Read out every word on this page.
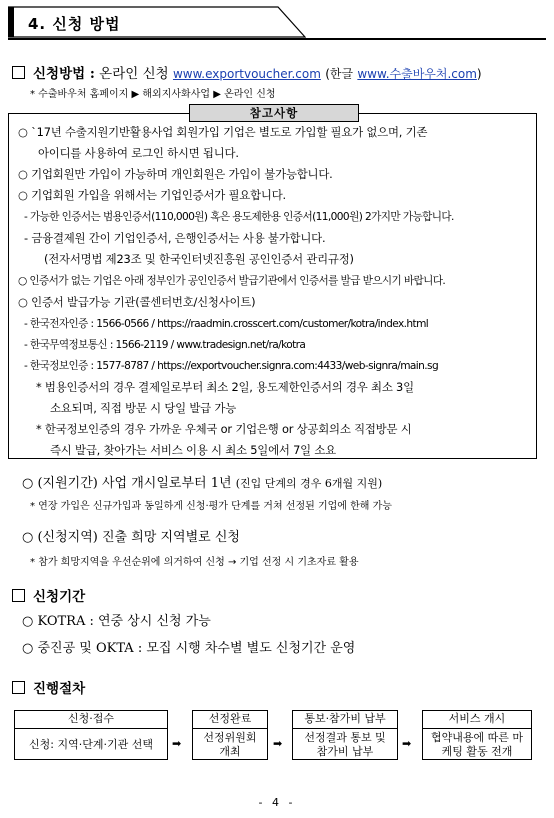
4. 신청 방법
신청방법 : 온라인 신청 www.exportvoucher.com (한글 www.수출바우처.com)
* 수출바우처 홈페이지 ▶ 해외지사화사업 ▶ 온라인 신청
참고사항
○ `17년 수출지원기반활용사업 회원가입 기업은 별도로 가입할 필요가 없으며, 기존
아이디를 사용하여 로그인 하시면 됩니다.
○ 기업회원만 가입이 가능하며 개인회원은 가입이 불가능합니다.
○ 기업회원 가입을 위해서는 기업인증서가 필요합니다.
- 가능한 인증서는 범용인증서(110,000원) 혹은 용도제한용 인증서(11,000원) 2가지만 가능합니다.
- 금융결제원 간이 기업인증서, 은행인증서는 사용 불가합니다.
(전자서명법 제23조 및 한국인터넷진흥원 공인인증서 관리규정)
○ 인증서가 없는 기업은 아래 정부인가 공인인증서 발급기관에서 인증서를 발급 받으시기 바랍니다.
○ 인증서 발급가능 기관(콜센터번호/신청사이트)
- 한국전자인증 : 1566-0566 / https://raadmin.crosscert.com/customer/kotra/index.html
- 한국무역정보통신 : 1566-2119 / www.tradesign.net/ra/kotra
- 한국정보인증 : 1577-8787 / https://exportvoucher.signra.com:4433/web-signra/main.sg
* 범용인증서의 경우 결제일로부터 최소 2일, 용도제한인증서의 경우 최소 3일
소요되며, 직접 방문 시 당일 발급 가능
* 한국정보인증의 경우 가까운 우체국 or 기업은행 or 상공회의소 직접방문 시
즉시 발급, 찾아가는 서비스 이용 시 최소 5일에서 7일 소요
○ (지원기간) 사업 개시일로부터 1년 (진입 단계의 경우 6개월 지원)
* 연장 가입은 신규가입과 동일하게 신청·평가 단계를 거쳐 선정된 기업에 한해 가능
○ (신청지역) 진출 희망 지역별로 신청
* 참가 희망지역을 우선순위에 의거하여 신청 → 기업 선정 시 기초자료 활용
신청기간
○ KOTRA : 연중 상시 신청 가능
○ 중진공 및 OKTA : 모집 시행 차수별 별도 신청기간 운영
진행절차
신청·접수
신청: 지역·단계·기관 선택	➡
선정완료
선정위원회 개최
➡
통보·참가비 납부
선정결과 통보 및 참가비 납부
➡
서비스 개시
협약내용에 따른 마케팅 활동 전개
- 4 -
